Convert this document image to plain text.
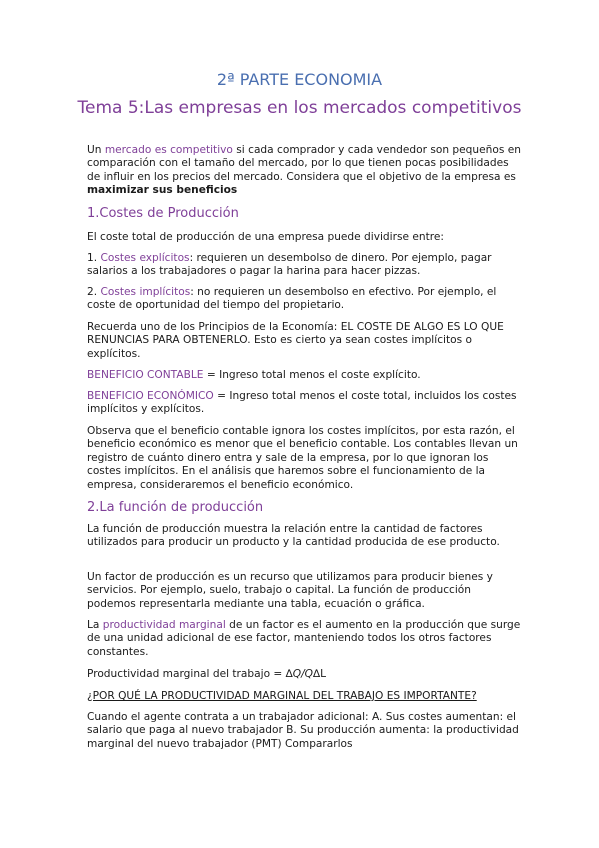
2ª PARTE ECONOMIA
Tema 5:Las empresas en los mercados competitivos

Un mercado es competitivo si cada comprador y cada vendedor son pequeños en comparación con el tamaño del mercado, por lo que tienen pocas posibilidades de influir en los precios del mercado. Considera que el objetivo de la empresa es maximizar sus beneficios

1.Costes de Producción

El coste total de producción de una empresa puede dividirse entre:

1. Costes explícitos: requieren un desembolso de dinero. Por ejemplo, pagar salarios a los trabajadores o pagar la harina para hacer pizzas.

2. Costes implícitos: no requieren un desembolso en efectivo. Por ejemplo, el coste de oportunidad del tiempo del propietario.

Recuerda uno de los Principios de la Economía: EL COSTE DE ALGO ES LO QUE RENUNCIAS PARA OBTENERLO. Esto es cierto ya sean costes implícitos o explícitos.

BENEFICIO CONTABLE = Ingreso total menos el coste explícito.

BENEFICIO ECONÓMICO = Ingreso total menos el coste total, incluidos los costes implícitos y explícitos.

Observa que el beneficio contable ignora los costes implícitos, por esta razón, el beneficio económico es menor que el beneficio contable. Los contables llevan un registro de cuánto dinero entra y sale de la empresa, por lo que ignoran los costes implícitos. En el análisis que haremos sobre el funcionamiento de la empresa, consideraremos el beneficio económico.

2.La función de producción

La función de producción muestra la relación entre la cantidad de factores utilizados para producir un producto y la cantidad producida de ese producto.

Un factor de producción es un recurso que utilizamos para producir bienes y servicios. Por ejemplo, suelo, trabajo o capital. La función de producción podemos representarla mediante una tabla, ecuación o gráfica.

La productividad marginal de un factor es el aumento en la producción que surge de una unidad adicional de ese factor, manteniendo todos los otros factores constantes.

Productividad marginal del trabajo = ∆Q/Q∆L

¿POR QUÉ LA PRODUCTIVIDAD MARGINAL DEL TRABAJO ES IMPORTANTE?

Cuando el agente contrata a un trabajador adicional: A. Sus costes aumentan: el salario que paga al nuevo trabajador B. Su producción aumenta: la productividad marginal del nuevo trabajador (PMT) Compararlos
